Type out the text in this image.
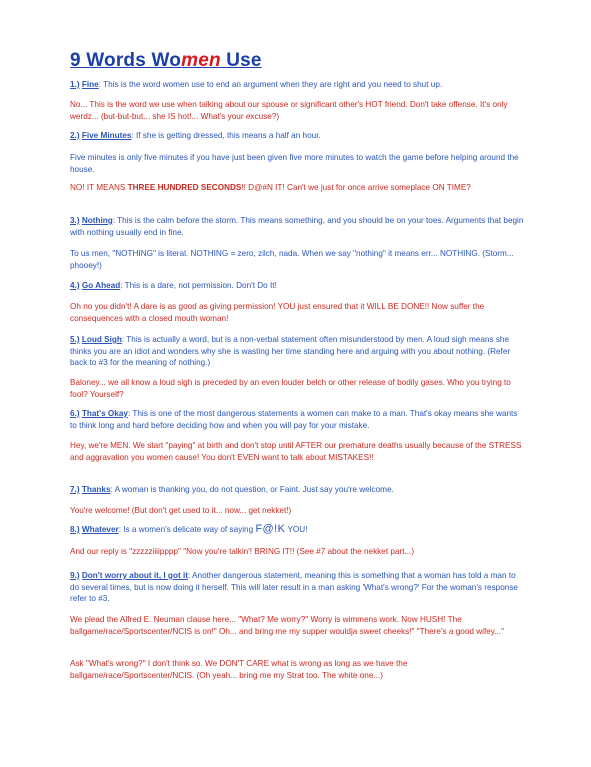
9 Words Women Use

1.) Fine: This is the word women use to end an argument when they are right and you need to shut up.

No... This is the word we use when talking about our spouse or significant other's HOT friend. Don't take offense. It's only werdz... (but-but-but... she IS hot!... What's your excuse?)

2.) Five Minutes: If she is getting dressed, this means a half an hour.

Five minutes is only five minutes if you have just been given five more minutes to watch the game before helping around the house.

NO! IT MEANS THREE HUNDRED SECONDS!! D@#N IT! Can't we just for once arrive someplace ON TIME?

3.) Nothing: This is the calm before the storm. This means something, and you should be on your toes. Arguments that begin with nothing usually end in fine.

To us men, "NOTHING" is literal. NOTHING = zero, zilch, nada. When we say "nothing" it means err... NOTHING. (Storm... phooey!)

4.) Go Ahead: This is a dare, not permission. Don't Do It!

Oh no you didn't! A dare is as good as giving permission! YOU just ensured that it WILL BE DONE!! Now suffer the consequences with a closed mouth woman!

5.) Loud Sigh: This is actually a word, but is a non-verbal statement often misunderstood by men. A loud sigh means she thinks you are an idiot and wonders why she is wasting her time standing here and arguing with you about nothing. (Refer back to #3 for the meaning of nothing.)

Baloney... we all know a loud sigh is preceded by an even louder belch or other release of bodily gases. Who you trying to fool? Yourself?

6.) That's Okay: This is one of the most dangerous statements a women can make to a man. That's okay means she wants to think long and hard before deciding how and when you will pay for your mistake.

Hey, we're MEN. We start "paying" at birth and don't stop until AFTER our premature deaths usually because of the STRESS and aggravation you women cause! You don't EVEN want to talk about MISTAKES!!

7.) Thanks: A woman is thanking you, do not question, or Faint. Just say you're welcome.

You're welcome! (But don't get used to it... now... get nekket!)

8.) Whatever: Is a women's delicate way of saying F@!K YOU!

And our reply is "zzzzziiiipppp" "Now you're talkin'! BRING IT!! (See #7 about the nekket part...)

9.) Don't worry about it, I got it: Another dangerous statement, meaning this is something that a woman has told a man to do several times, but is now doing it herself. This will later result in a man asking 'What's wrong?' For the woman's response refer to #3.

We plead the Alfred E. Neuman clause here... "What? Me worry?" Worry is wimmens work. Now HUSH! The ballgame/race/Sportscenter/NCIS is on!" Oh... and bring me my supper wouldja sweet cheeks!" "There's a good wifey..."

Ask "What's wrong?" I don't think so. We DON'T CARE what is wrong as long as we have the ballgame/race/Sportscenter/NCIS. (Oh yeah... bring me my Strat too. The white one...)
